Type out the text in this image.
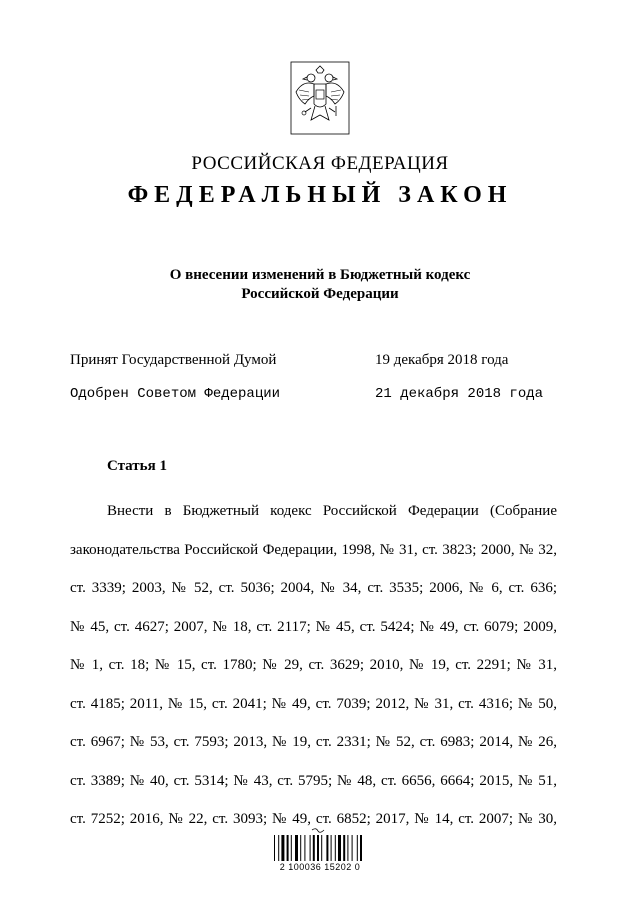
РОССИЙСКАЯ ФЕДЕРАЦИЯ
ФЕДЕРАЛЬНЫЙ ЗАКОН
О внесении изменений в Бюджетный кодекс
Российской Федерации
Принят Государственной Думой	19 декабря 2018 года
Одобрен Советом Федерации	21 декабря 2018 года
Статья 1
Внести в Бюджетный кодекс Российской Федерации (Собрание
законодательства Российской Федерации, 1998, № 31, ст. 3823; 2000, № 32,
ст. 3339; 2003, № 52, ст. 5036; 2004, № 34, ст. 3535; 2006, № 6, ст. 636;
№ 45, ст. 4627; 2007, № 18, ст. 2117; № 45, ст. 5424; № 49, ст. 6079; 2009,
№ 1, ст. 18; № 15, ст. 1780; № 29, ст. 3629; 2010, № 19, ст. 2291; № 31,
ст. 4185; 2011, № 15, ст. 2041; № 49, ст. 7039; 2012, № 31, ст. 4316; № 50,
ст. 6967; № 53, ст. 7593; 2013, № 19, ст. 2331; № 52, ст. 6983; 2014, № 26,
ст. 3389; № 40, ст. 5314; № 43, ст. 5795; № 48, ст. 6656, 6664; 2015, № 51,
ст. 7252; 2016, № 22, ст. 3093; № 49, ст. 6852; 2017, № 14, ст. 2007; № 30,
2 100036 15202 0
